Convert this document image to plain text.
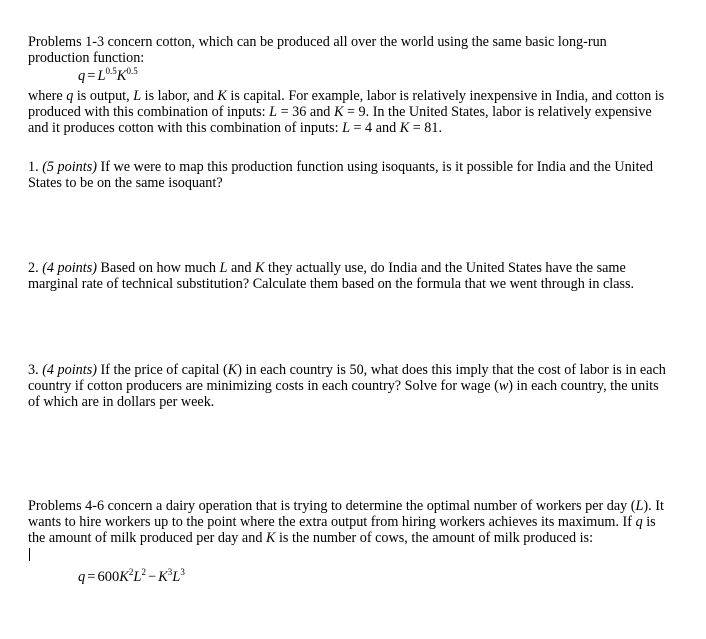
Problems 1-3 concern cotton, which can be produced all over the world using the same basic long-run
production function:

$q = L^{0.5}K^{0.5}$

where q is output, L is labor, and K is capital. For example, labor is relatively inexpensive in India, and cotton is produced with this combination of inputs: L = 36 and K = 9. In the United States, labor is relatively expensive and it produces cotton with this combination of inputs: L = 4 and K = 81.

1. (5 points) If we were to map this production function using isoquants, is it possible for India and the United States to be on the same isoquant?

2. (4 points) Based on how much L and K they actually use, do India and the United States have the same marginal rate of technical substitution? Calculate them based on the formula that we went through in class.

3. (4 points) If the price of capital (K) in each country is 50, what does this imply that the cost of labor is in each country if cotton producers are minimizing costs in each country? Solve for wage (w) in each country, the units of which are in dollars per week.

Problems 4-6 concern a dairy operation that is trying to determine the optimal number of workers per day (L). It wants to hire workers up to the point where the extra output from hiring workers achieves its maximum. If q is the amount of milk produced per day and K is the number of cows, the amount of milk produced is:

$q = 600K^2L^2 - K^3L^3$
